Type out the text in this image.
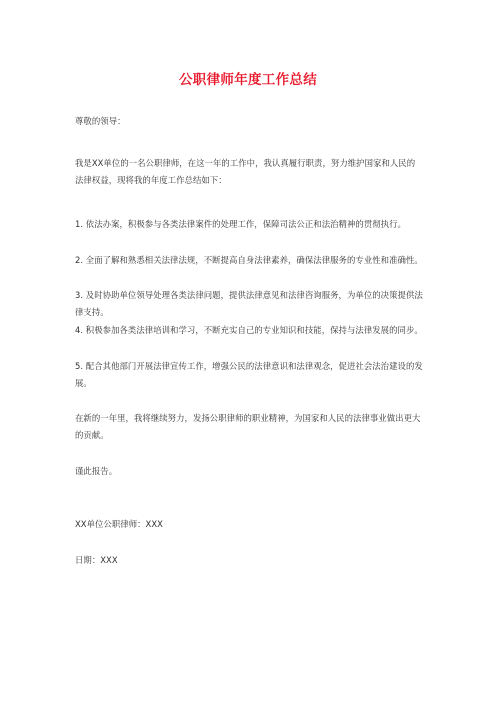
公职律师年度工作总结
尊敬的领导：
我是XX单位的一名公职律师，在这一年的工作中，我认真履行职责，努力维护国家和人民的法律权益，现将我的年度工作总结如下：
1. 依法办案，积极参与各类法律案件的处理工作，保障司法公正和法治精神的贯彻执行。
2. 全面了解和熟悉相关法律法规，不断提高自身法律素养，确保法律服务的专业性和准确性。
3. 及时协助单位领导处理各类法律问题，提供法律意见和法律咨询服务，为单位的决策提供法律支持。
4. 积极参加各类法律培训和学习，不断充实自己的专业知识和技能，保持与法律发展的同步。
5. 配合其他部门开展法律宣传工作，增强公民的法律意识和法律观念，促进社会法治建设的发展。
在新的一年里，我将继续努力，发扬公职律师的职业精神，为国家和人民的法律事业做出更大的贡献。
谨此报告。
XX单位公职律师：XXX
日期：XXX
